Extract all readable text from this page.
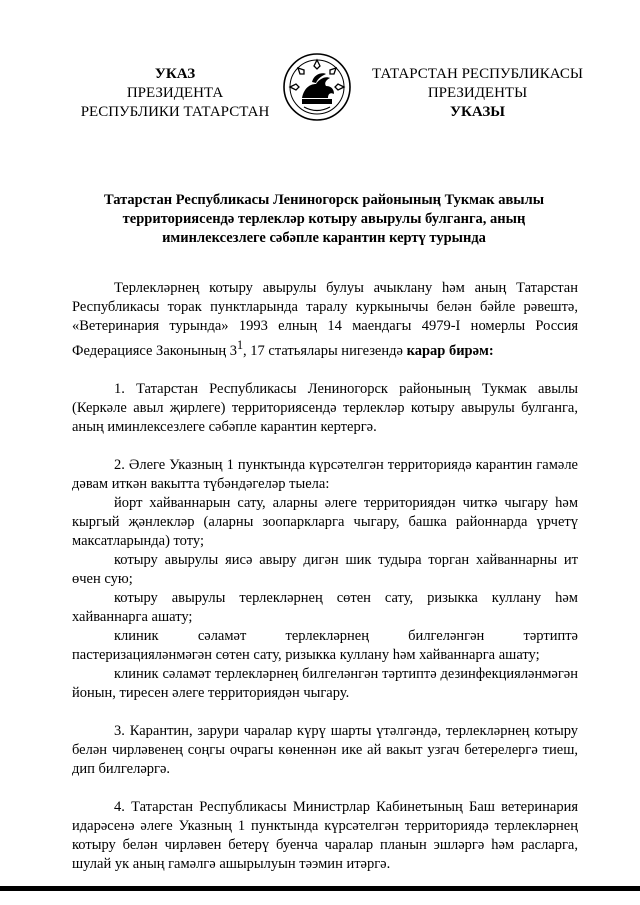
УКАЗ
ПРЕЗИДЕНТА
РЕСПУБЛИКИ ТАТАРСТАН
ТАТАРСТАН РЕСПУБЛИКАСЫ
ПРЕЗИДЕНТЫ
УКАЗЫ
Татарстан Республикасы Лениногорск районының Тукмак авылы
территориясендә терлекләр котыру авырулы булганга, аның
иминлексезлеге сәбәпле карантин кертү турында

Терлекләрнең котыру авырулы булуы ачыклану һәм аның Татарстан Республикасы торак пунктларында таралу куркынычы белән бәйле рәвештә, «Ветеринария турында» 1993 елның 14 маендагы 4979-I номерлы Россия Федерациясе Законының $3^1$, 17 статьялары нигезендә карар бирәм:

1. Татарстан Республикасы Лениногорск районының Тукмак авылы (Керкәле авыл җирлеге) территориясендә терлекләр котыру авырулы булганга, аның иминлексезлеге сәбәпле карантин кертергә.

2. Әлеге Указның 1 пунктында күрсәтелгән территориядә карантин гамәле дәвам иткән вакытта түбәндәгеләр тыела:

йорт хайваннарын сату, аларны әлеге территориядән читкә чыгару һәм кыргый җәнлекләр (аларны зоопаркларга чыгару, башка районнарда үрчетү максатларында) тоту;

котыру авырулы яисә авыру дигән шик тудыра торган хайваннарны ит өчен сую;

котыру авырулы терлекләрнең сөтен сату, ризыкка куллану һәм хайваннарга ашату;

клиник сәламәт терлекләрнең билгеләнгән тәртиптә пастеризацияләнмәгән сөтен сату, ризыкка куллану һәм хайваннарга ашату;

клиник сәламәт терлекләрнең билгеләнгән тәртиптә дезинфекцияләнмәгән йонын, тиресен әлеге территориядән чыгару.

3. Карантин, зарури чаралар күрү шарты үтәлгәндә, терлекләрнең котыру белән чирләвенең соңгы очрагы көненнән ике ай вакыт узгач бетерелергә тиеш, дип билгеләргә.

4. Татарстан Республикасы Министрлар Кабинетының Баш ветеринария идарәсенә әлеге Указның 1 пунктында күрсәтелгән территориядә терлекләрнең котыру белән чирләвен бетерү буенча чаралар планын эшләргә һәм расларга, шулай ук аның гамәлгә ашырылуын тәэмин итәргә.
